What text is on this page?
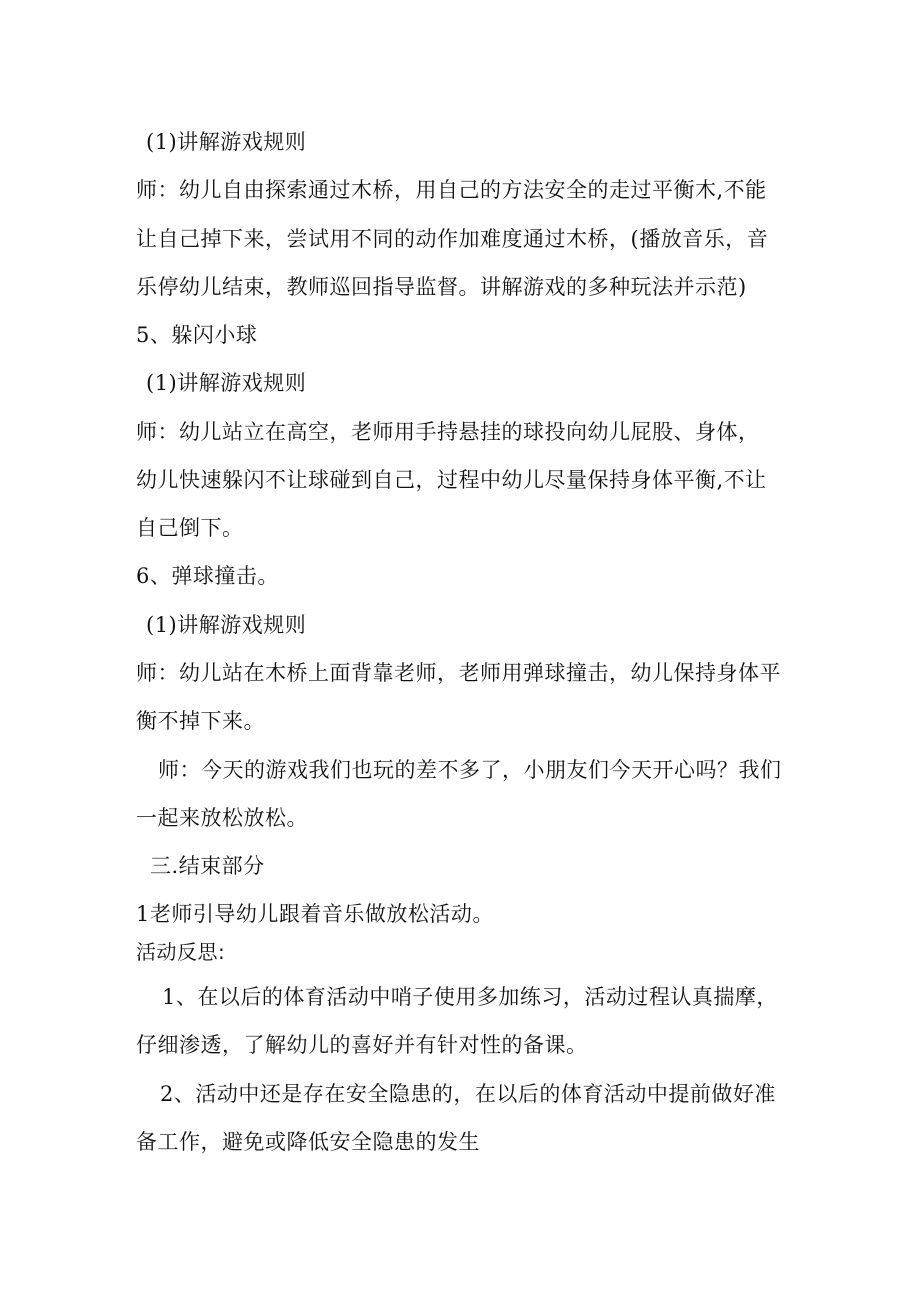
(1)讲解游戏规则
师：幼儿自由探索通过木桥，用自己的方法安全的走过平衡木,不能
让自己掉下来，尝试用不同的动作加难度通过木桥，(播放音乐，音
乐停幼儿结束，教师巡回指导监督。讲解游戏的多种玩法并示范)
5、躲闪小球
(1)讲解游戏规则
师：幼儿站立在高空，老师用手持悬挂的球投向幼儿屁股、身体，
幼儿快速躲闪不让球碰到自己，过程中幼儿尽量保持身体平衡,不让
自己倒下。
6、弹球撞击。
(1)讲解游戏规则
师：幼儿站在木桥上面背靠老师，老师用弹球撞击，幼儿保持身体平
衡不掉下来。
师：今天的游戏我们也玩的差不多了，小朋友们今天开心吗？我们
一起来放松放松。
三.结束部分
1老师引导幼儿跟着音乐做放松活动。
活动反思:
1、在以后的体育活动中哨子使用多加练习，活动过程认真揣摩，
仔细渗透，了解幼儿的喜好并有针对性的备课。
2、活动中还是存在安全隐患的，在以后的体育活动中提前做好准
备工作，避免或降低安全隐患的发生
